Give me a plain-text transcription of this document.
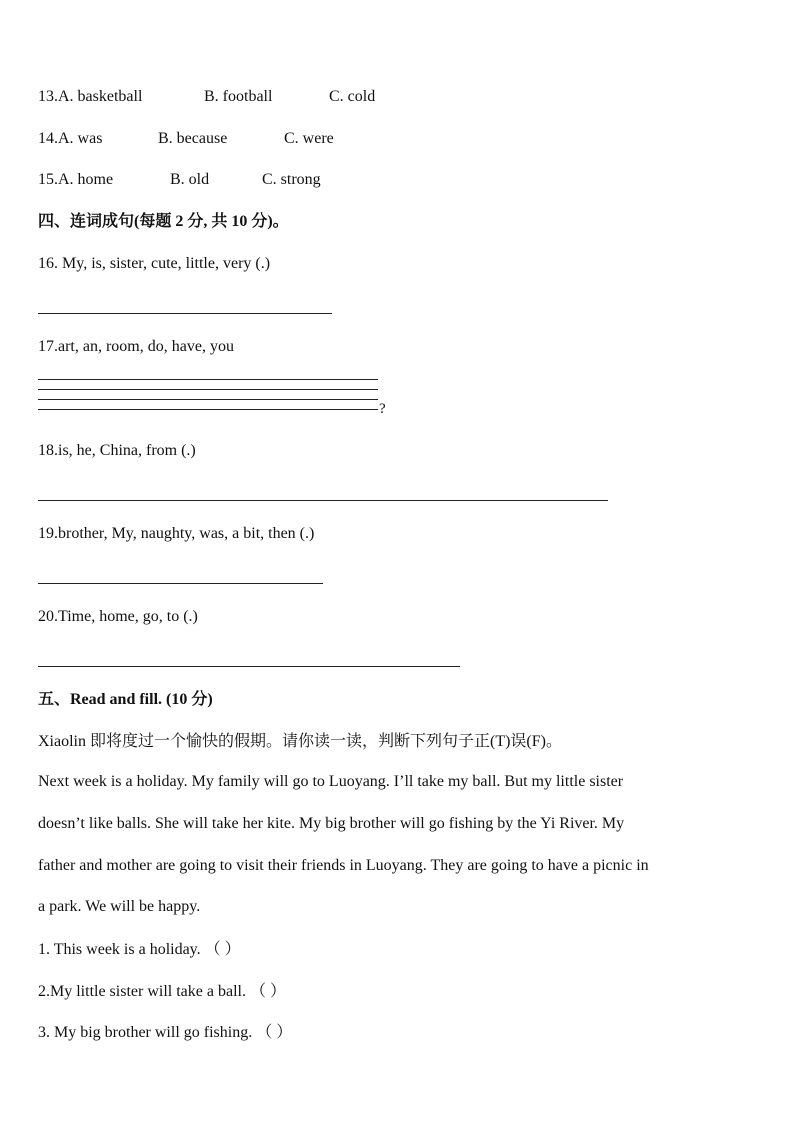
13.A. basketball	B. football	C. cold
14.A. was	B. because	C. were
15.A. home	B. old	C. strong
四、连词成句(每题 2 分, 共 10 分)。
16. My, is, sister, cute, little, very (.)
17.art, an, room, do, have, you
?
18.is, he, China, from (.)
19.brother, My, naughty, was, a bit, then (.)
20.Time, home, go, to (.)
五、Read and fill. (10 分)
Xiaolin 即将度过一个愉快的假期。请你读一读，判断下列句子正(T)误(F)。
Next week is a holiday. My family will go to Luoyang. I’ll take my ball. But my little sister
doesn’t like balls. She will take her kite. My big brother will go fishing by the Yi River. My
father and mother are going to visit their friends in Luoyang. They are going to have a picnic in
a park. We will be happy.
1. This week is a holiday. （ ）
2.My little sister will take a ball. （ ）
3. My big brother will go fishing. （ ）
